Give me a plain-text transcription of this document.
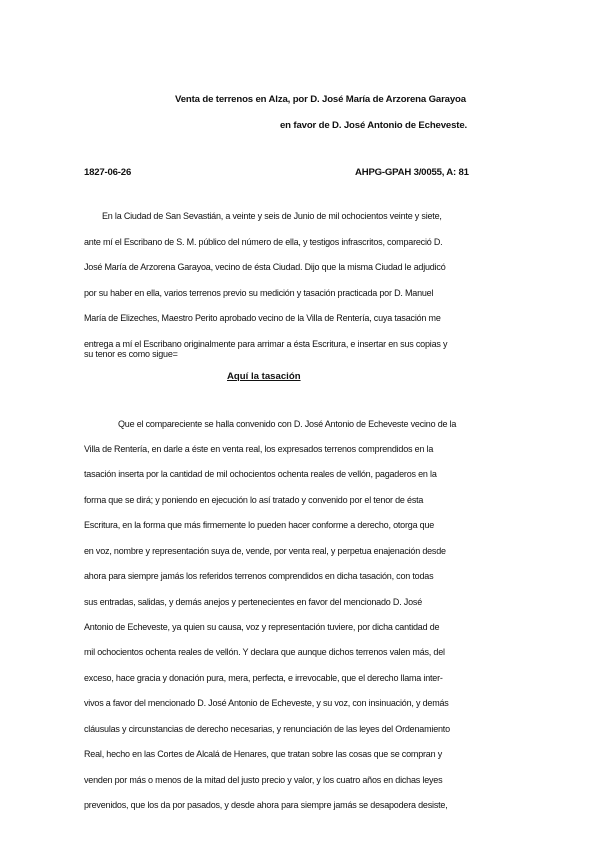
Venta de terrenos en Alza, por D. José María de Arzorena Garayoa
en favor de D. José Antonio de Echeveste.
1827-06-26	AHPG-GPAH 3/0055, A: 81
En la Ciudad de San Sevastián, a veinte y seis de Junio de mil ochocientos veinte y siete,
ante mí el Escribano de S. M. público del número de ella, y testigos infrascritos, compareció D.
José María de Arzorena Garayoa, vecino de ésta Ciudad. Dijo que la misma Ciudad le adjudicó
por su haber en ella, varios terrenos previo su medición y tasación practicada por D. Manuel
María de Elizeches, Maestro Perito aprobado vecino de la Villa de Rentería, cuya tasación me
entrega a mí el Escribano originalmente para arrimar a ésta Escritura, e insertar en sus copias y
su tenor es como sigue=
Aquí la tasación
Que el compareciente se halla convenido con D. José Antonio de Echeveste vecino de la
Villa de Rentería, en darle a éste en venta real, los expresados terrenos comprendidos en la
tasación inserta por la cantidad de mil ochocientos ochenta reales de vellón, pagaderos en la
forma que se dirá; y poniendo en ejecución lo así tratado y convenido por el tenor de ésta
Escritura, en la forma que más firmemente lo pueden hacer conforme a derecho, otorga que
en voz, nombre y representación suya de, vende, por venta real, y perpetua enajenación desde
ahora para siempre jamás los referidos terrenos comprendidos en dicha tasación, con todas
sus entradas, salidas, y demás anejos y pertenecientes en favor del mencionado D. José
Antonio de Echeveste, ya quien su causa, voz y representación tuviere, por dicha cantidad de
mil ochocientos ochenta reales de vellón. Y declara que aunque dichos terrenos valen más, del
exceso, hace gracia y donación pura, mera, perfecta, e irrevocable, que el derecho llama inter-
vivos a favor del mencionado D. José Antonio de Echeveste, y su voz, con insinuación, y demás
cláusulas y circunstancias de derecho necesarias, y renunciación de las leyes del Ordenamiento
Real, hecho en las Cortes de Alcalá de Henares, que tratan sobre las cosas que se compran y
venden por más o menos de la mitad del justo precio y valor, y los cuatro años en dichas leyes
prevenidos, que los da por pasados, y desde ahora para siempre jamás se desapodera desiste,
